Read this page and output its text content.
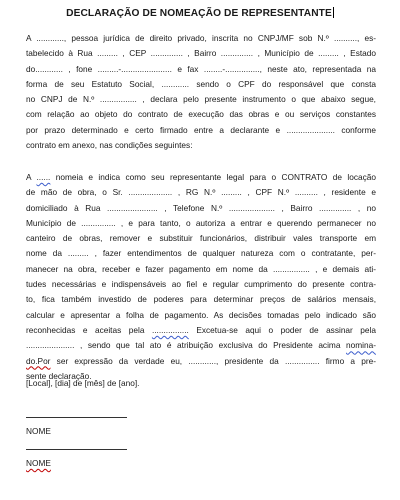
DECLARAÇÃO DE NOMEAÇÃO DE REPRESENTANTE
A ............, pessoa jurídica de direito privado, inscrita no CNPJ/MF sob N.º .........., es-
tabelecido à Rua ......... , CEP .............. , Bairro .............. , Município de ......... , Estado
do............ , fone .........-...................... e fax ........-..............., neste ato, representada na
forma de seu Estatuto Social, ............ sendo o CPF do responsável que consta
no CNPJ de N.º ................ , declara pelo presente instrumento o que abaixo segue,
com relação ao objeto do contrato de execução das obras e ou serviços constantes
por prazo determinado e certo firmado entre a declarante e ..................... conforme
contrato em anexo, nas condições seguintes:
A ...... nomeia e indica como seu representante legal para o CONTRATO de locação
de mão de obra, o Sr. ................... , RG N.º ......... , CPF N.º .......... , residente e
domiciliado à Rua ...................... , Telefone N.º .................... , Bairro .............. , no
Município de ............... , e para tanto, o autoriza a entrar e querendo permanecer no
canteiro de obras, remover e substituir funcionários, distribuir vales transporte em
nome da ......... , fazer entendimentos de qualquer natureza com o contratante, per-
manecer na obra, receber e fazer pagamento em nome da ................ , e demais ati-
tudes necessárias e indispensáveis ao fiel e regular cumprimento do presente contra-
to, fica também investido de poderes para determinar preços de salários mensais,
calcular e apresentar a folha de pagamento. As decisões tomadas pelo indicado são
reconhecidas e aceitas pela ................ Excetua-se aqui o poder de assinar pela
..................... , sendo que tal ato é atribuição exclusiva do Presidente acima nomina-
do.Por ser expressão da verdade eu, ............, presidente da ............... firmo a pre-
sente declaração.
[Local], [dia] de [mês] de [ano].
NOME
NOME
